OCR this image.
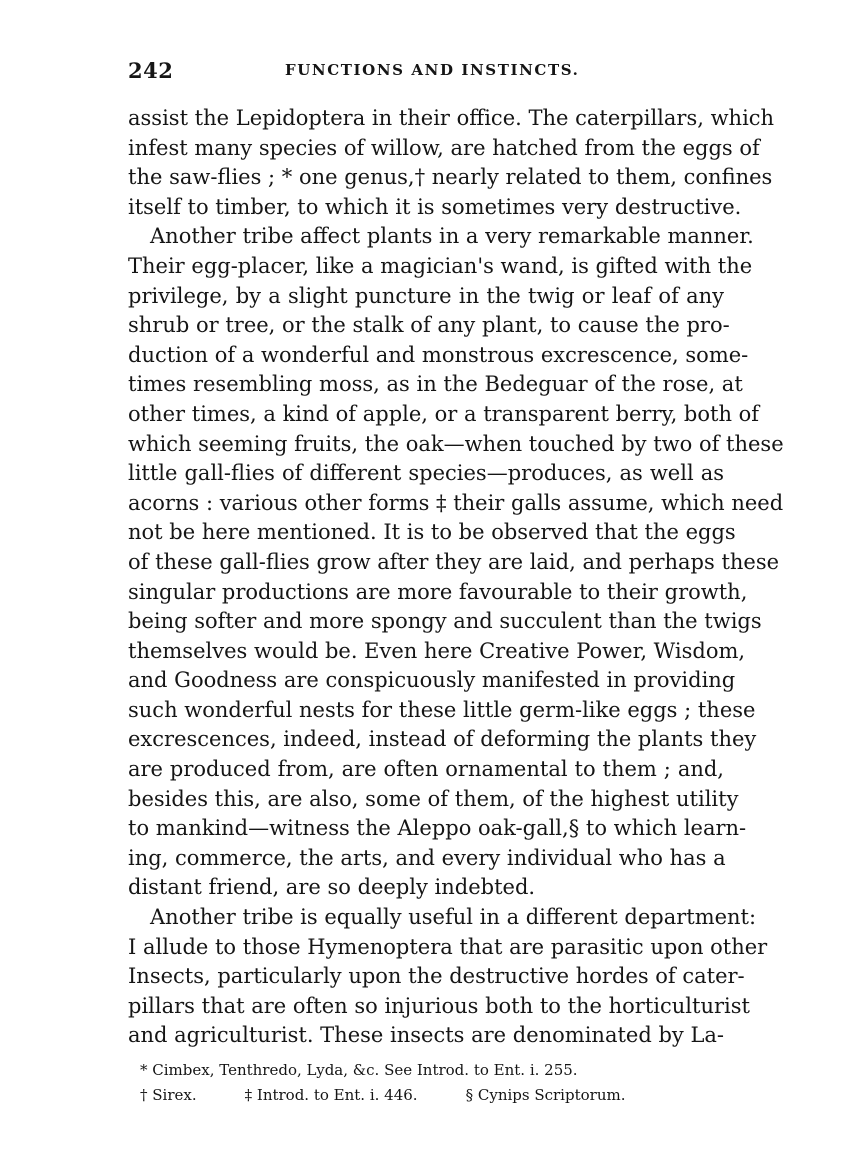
242	FUNCTIONS AND INSTINCTS.
assist the Lepidoptera in their office. The caterpillars, which
infest many species of willow, are hatched from the eggs of
the saw-flies ; * one genus,† nearly related to them, confines
itself to timber, to which it is sometimes very destructive.
Another tribe affect plants in a very remarkable manner.
Their egg-placer, like a magician's wand, is gifted with the
privilege, by a slight puncture in the twig or leaf of any
shrub or tree, or the stalk of any plant, to cause the pro-
duction of a wonderful and monstrous excrescence, some-
times resembling moss, as in the Bedeguar of the rose, at
other times, a kind of apple, or a transparent berry, both of
which seeming fruits, the oak—when touched by two of these
little gall-flies of different species—produces, as well as
acorns : various other forms ‡ their galls assume, which need
not be here mentioned. It is to be observed that the eggs
of these gall-flies grow after they are laid, and perhaps these
singular productions are more favourable to their growth,
being softer and more spongy and succulent than the twigs
themselves would be. Even here Creative Power, Wisdom,
and Goodness are conspicuously manifested in providing
such wonderful nests for these little germ-like eggs ; these
excrescences, indeed, instead of deforming the plants they
are produced from, are often ornamental to them ; and,
besides this, are also, some of them, of the highest utility
to mankind—witness the Aleppo oak-gall,§ to which learn-
ing, commerce, the arts, and every individual who has a
distant friend, are so deeply indebted.
Another tribe is equally useful in a different department:
I allude to those Hymenoptera that are parasitic upon other
Insects, particularly upon the destructive hordes of cater-
pillars that are often so injurious both to the horticulturist
and agriculturist. These insects are denominated by La-
* Cimbex, Tenthredo, Lyda, &c. See Introd. to Ent. i. 255.
† Sirex.	‡ Introd. to Ent. i. 446.	§ Cynips Scriptorum.
